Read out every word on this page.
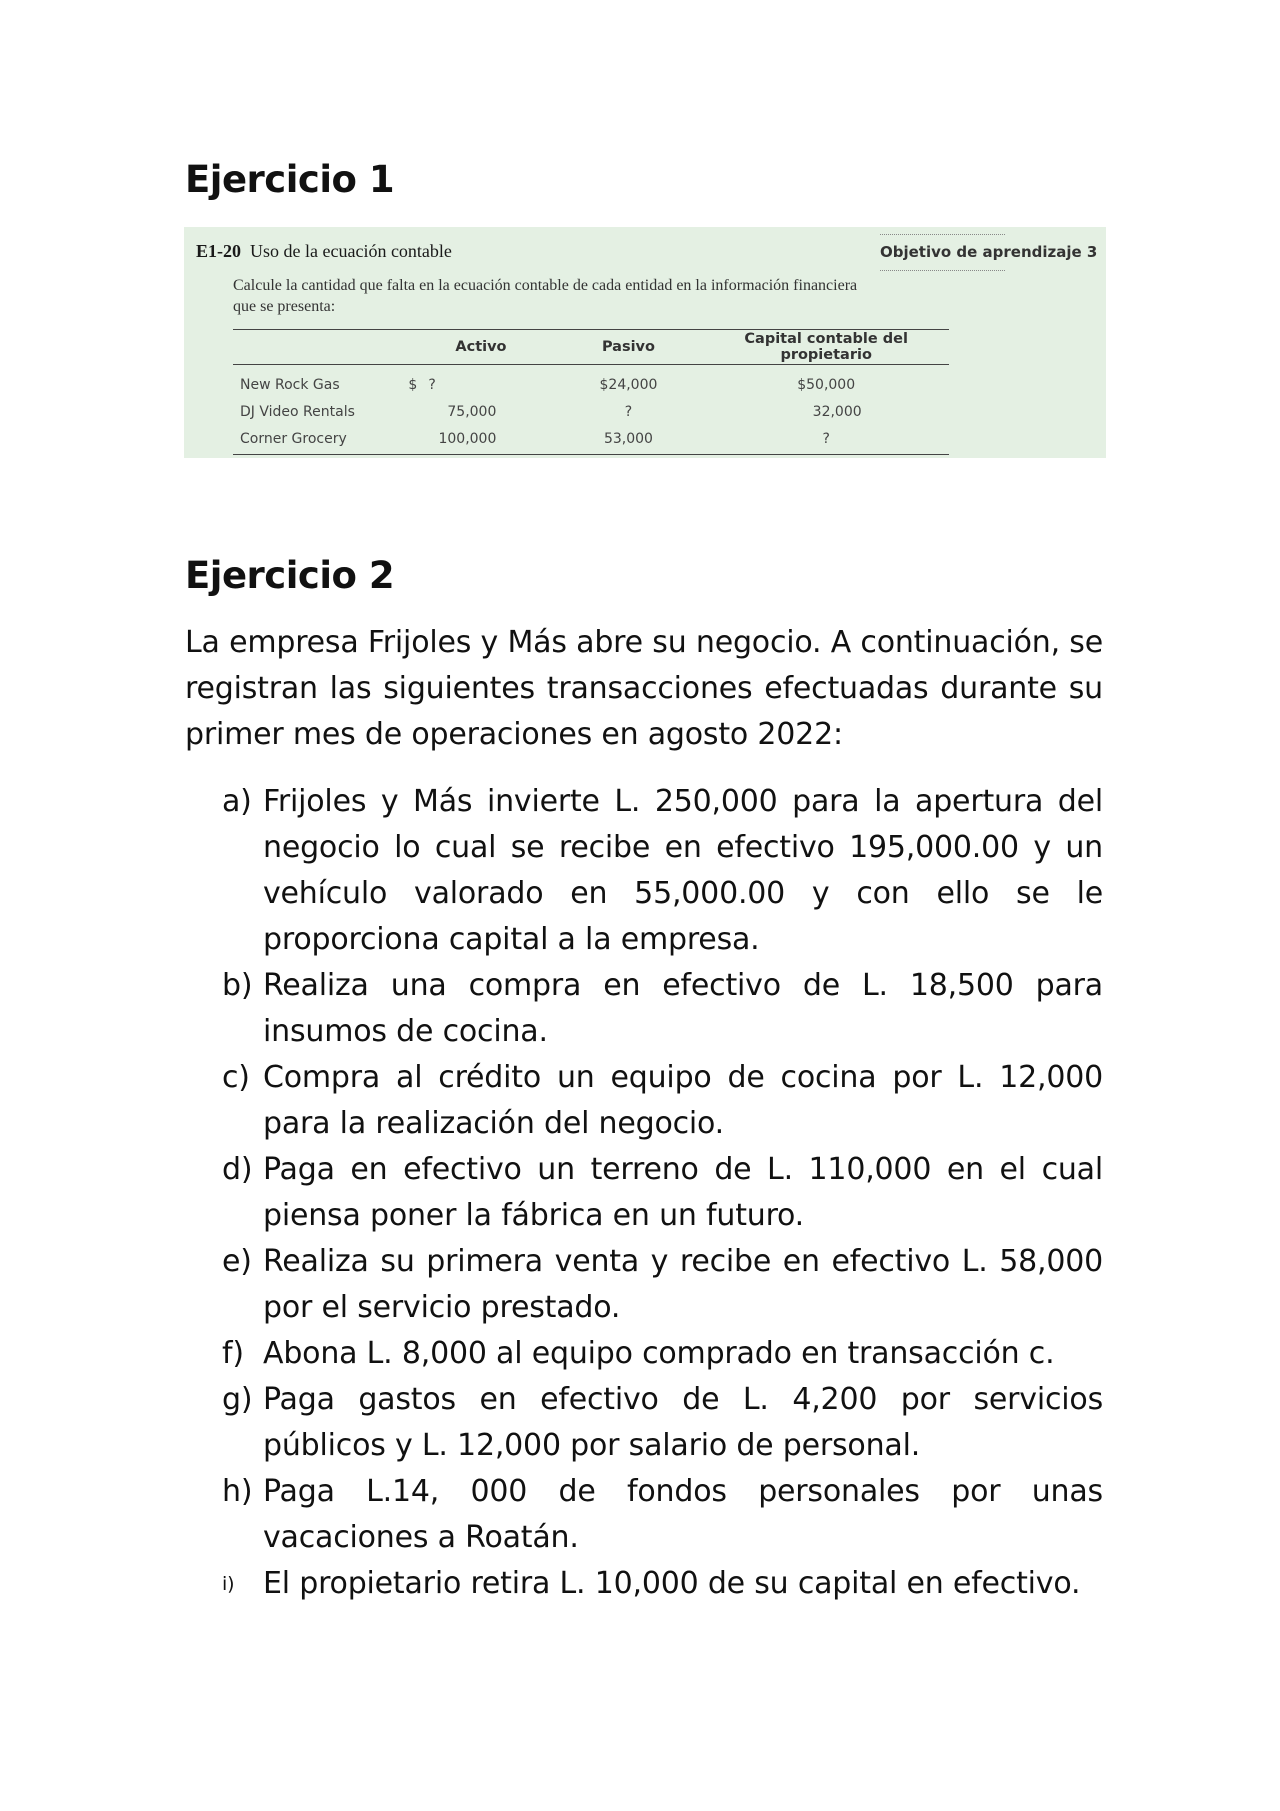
Ejercicio 1
E1-20 Uso de la ecuación contable	Objetivo de aprendizaje 3
Calcule la cantidad que falta en la ecuación contable de cada entidad en la información financiera que se presenta:
	Activo	Pasivo	Capital contable del propietario
New Rock Gas	$ ?	$24,000	$50,000
DJ Video Rentals	75,000	?	32,000
Corner Grocery	100,000	53,000	?
Ejercicio 2

La empresa Frijoles y Más abre su negocio. A continuación, se registran las siguientes transacciones efectuadas durante su primer mes de operaciones en agosto 2022:

a) Frijoles y Más invierte L. 250,000 para la apertura del negocio lo cual se recibe en efectivo 195,000.00 y un vehículo valorado en 55,000.00 y con ello se le proporciona capital a la empresa.
b) Realiza una compra en efectivo de L. 18,500 para insumos de cocina.
c) Compra al crédito un equipo de cocina por L. 12,000 para la realización del negocio.
d) Paga en efectivo un terreno de L. 110,000 en el cual piensa poner la fábrica en un futuro.
e) Realiza su primera venta y recibe en efectivo L. 58,000 por el servicio prestado.
f) Abona L. 8,000 al equipo comprado en transacción c.
g) Paga gastos en efectivo de L. 4,200 por servicios públicos y L. 12,000 por salario de personal.
h) Paga L.14, 000 de fondos personales por unas vacaciones a Roatán.
i) El propietario retira L. 10,000 de su capital en efectivo.
